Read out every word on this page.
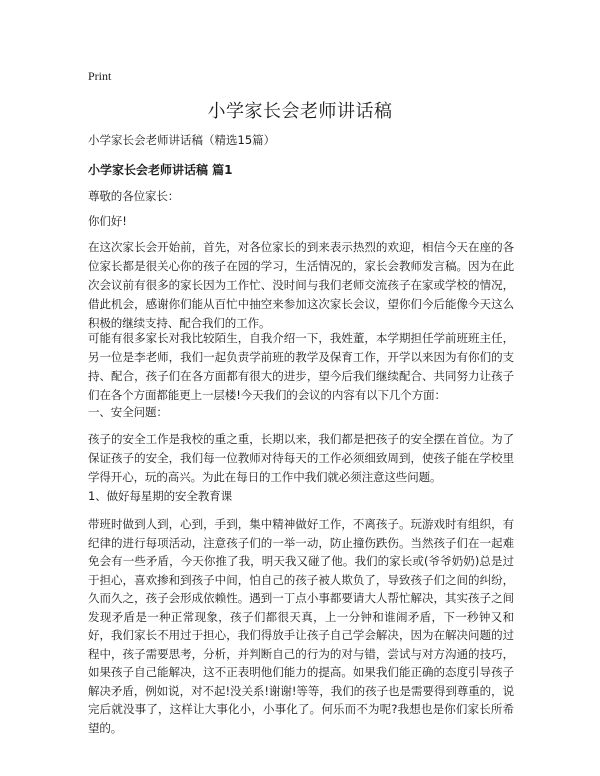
Print
小学家长会老师讲话稿

小学家长会老师讲话稿（精选15篇）

小学家长会老师讲话稿 篇1

尊敬的各位家长：

你们好!

在这次家长会开始前，首先，对各位家长的到来表示热烈的欢迎，相信今天在座的各位家长都是很关心你的孩子在园的学习，生活情况的，家长会教师发言稿。因为在此次会议前有很多的家长因为工作忙、没时间与我们老师交流孩子在家或学校的情况，借此机会，感谢你们能从百忙中抽空来参加这次家长会议，望你们今后能像今天这么积极的继续支持、配合我们的工作。

可能有很多家长对我比较陌生，自我介绍一下，我姓董，本学期担任学前班班主任，另一位是李老师，我们一起负责学前班的教学及保育工作，开学以来因为有你们的支持、配合，孩子们在各方面都有很大的进步，望今后我们继续配合、共同努力让孩子们在各个方面都能更上一层楼!今天我们的会议的内容有以下几个方面：

一、安全问题：

孩子的安全工作是我校的重之重，长期以来，我们都是把孩子的安全摆在首位。为了保证孩子的安全，我们每一位教师对待每天的工作必须细致周到，使孩子能在学校里学得开心，玩的高兴。为此在每日的工作中我们就必须注意这些问题。

1、做好每星期的安全教育课

带班时做到人到，心到，手到，集中精神做好工作，不离孩子。玩游戏时有组织，有纪律的进行每项活动，注意孩子们的一举一动，防止撞伤跌伤。当然孩子们在一起难免会有一些矛盾，今天你推了我，明天我又碰了他。我们的家长或(爷爷奶奶)总是过于担心，喜欢掺和到孩子中间，怕自己的孩子被人欺负了，导致孩子们之间的纠纷，久而久之，孩子会形成依赖性。遇到一丁点小事都要请大人帮忙解决，其实孩子之间发现矛盾是一种正常现象，孩子们都很天真，上一分钟和谁闹矛盾，下一秒钟又和好，我们家长不用过于担心，我们得放手让孩子自己学会解决，因为在解决问题的过程中，孩子需要思考，分析，并判断自己的行为的对与错，尝试与对方沟通的技巧，如果孩子自己能解决，这不正表明他们能力的提高。如果我们能正确的态度引导孩子解决矛盾，例如说，对不起!没关系!谢谢!等等，我们的孩子也是需要得到尊重的，说完后就没事了，这样让大事化小，小事化了。何乐而不为呢?我想也是你们家长所希望的。
